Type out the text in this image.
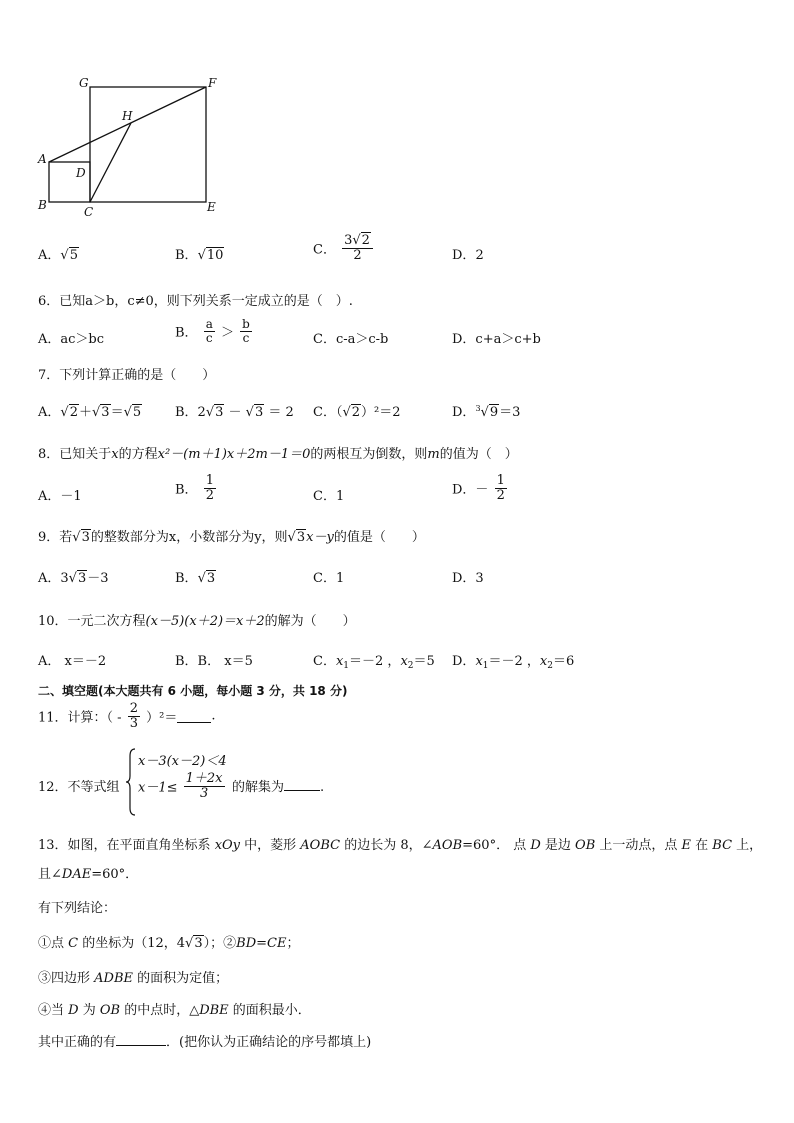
G	F
H
A
D
B	C	E
A．√5	B．√10	C． $\frac{3√2}{2}$	D．2
6．已知a＞b，c≠0，则下列关系一定成立的是（　）.
A．ac＞bc	B． $\frac{a}{c} > \frac{b}{c}$	C．c-a＞c-b	D．c+a＞c+b
7．下列计算正确的是（　　）
A．√2＋√3＝√5	B．2√3 － √3 ＝ 2 C．（√2）²＝2	D．$^3$√9＝3
8．已知关于x的方程x²－(m＋1)x＋2m－1＝0的两根互为倒数，则m的值为（　）
A．－1	B． $\frac{1}{2}$	C．1	D．－ $\frac{1}{2}$
9．若√3的整数部分为x，小数部分为y，则√3x－y的值是（　　）
A．3√3－3	B．√3	C．1	D．3
10．一元二次方程(x－5)(x＋2)＝x＋2的解为（　　）
A． x＝－2	B．B． x＝5	C．$x_1=-2$ ，$x_2=5$ D．$x_1=-2$ ，$x_2=6$
二、填空题(本大题共有 6 小题，每小题 3 分，共 18 分)
11．计算：（ - $\frac{2}{3} )^2=$	.
12．不等式组
x－3(x－2)＜4
$x-1\le \frac{1+2x}{3}$ 的解集为	.
13．如图，在平面直角坐标系 xOy 中，菱形 AOBC 的边长为 8，∠AOB=60°． 点 D 是边 OB 上一动点，点 E 在 BC 上，
且∠DAE=60°．
有下列结论：
①点 C 的坐标为（12，4√3）；②BD=CE；
③四边形 ADBE 的面积为定值；
④当 D 为 OB 的中点时，△DBE 的面积最小．
其中正确的有	．(把你认为正确结论的序号都填上)
